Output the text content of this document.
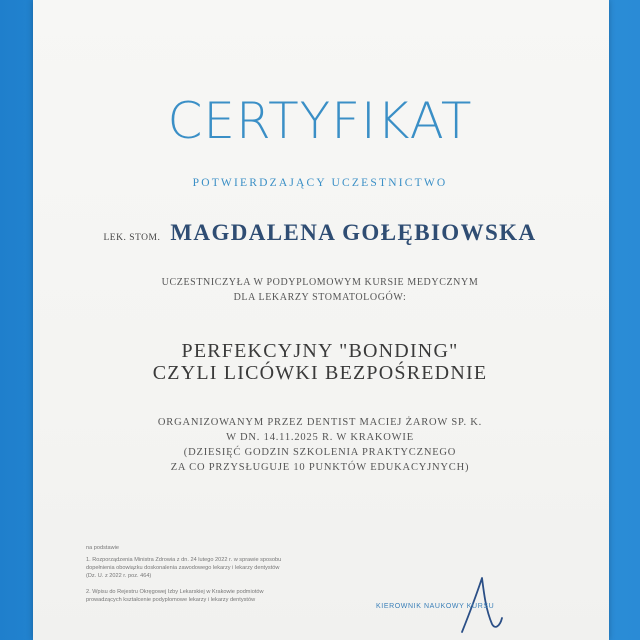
CERTYFIKAT
POTWIERDZAJĄCY UCZESTNICTWO
LEK. STOM. MAGDALENA GOŁĘBIOWSKA
UCZESTNICZYŁA W PODYPLOMOWYM KURSIE MEDYCZNYM
DLA LEKARZY STOMATOLOGÓW:
PERFEKCYJNY "BONDING"
CZYLI LICÓWKI BEZPOŚREDNIE
ORGANIZOWANYM PRZEZ DENTIST MACIEJ ŻAROW SP. K.
W DN. 14.11.2025 R. W KRAKOWIE
(DZIESIĘĆ GODZIN SZKOLENIA PRAKTYCZNEGO
ZA CO PRZYSŁUGUJE 10 PUNKTÓW EDUKACYJNYCH)
na podstawie
1. Rozporządzenia Ministra Zdrowia z dn. 24 lutego 2022 r. w sprawie sposobu
dopełnienia obowiązku doskonalenia zawodowego lekarzy i lekarzy dentystów
(Dz. U. z 2022 r. poz. 464)
2. Wpisu do Rejestru Okręgowej Izby Lekarskiej w Krakowie podmiotów
prowadzących kształcenie podyplomowe lekarzy i lekarzy dentystów
KIEROWNIK NAUKOWY KURSU
